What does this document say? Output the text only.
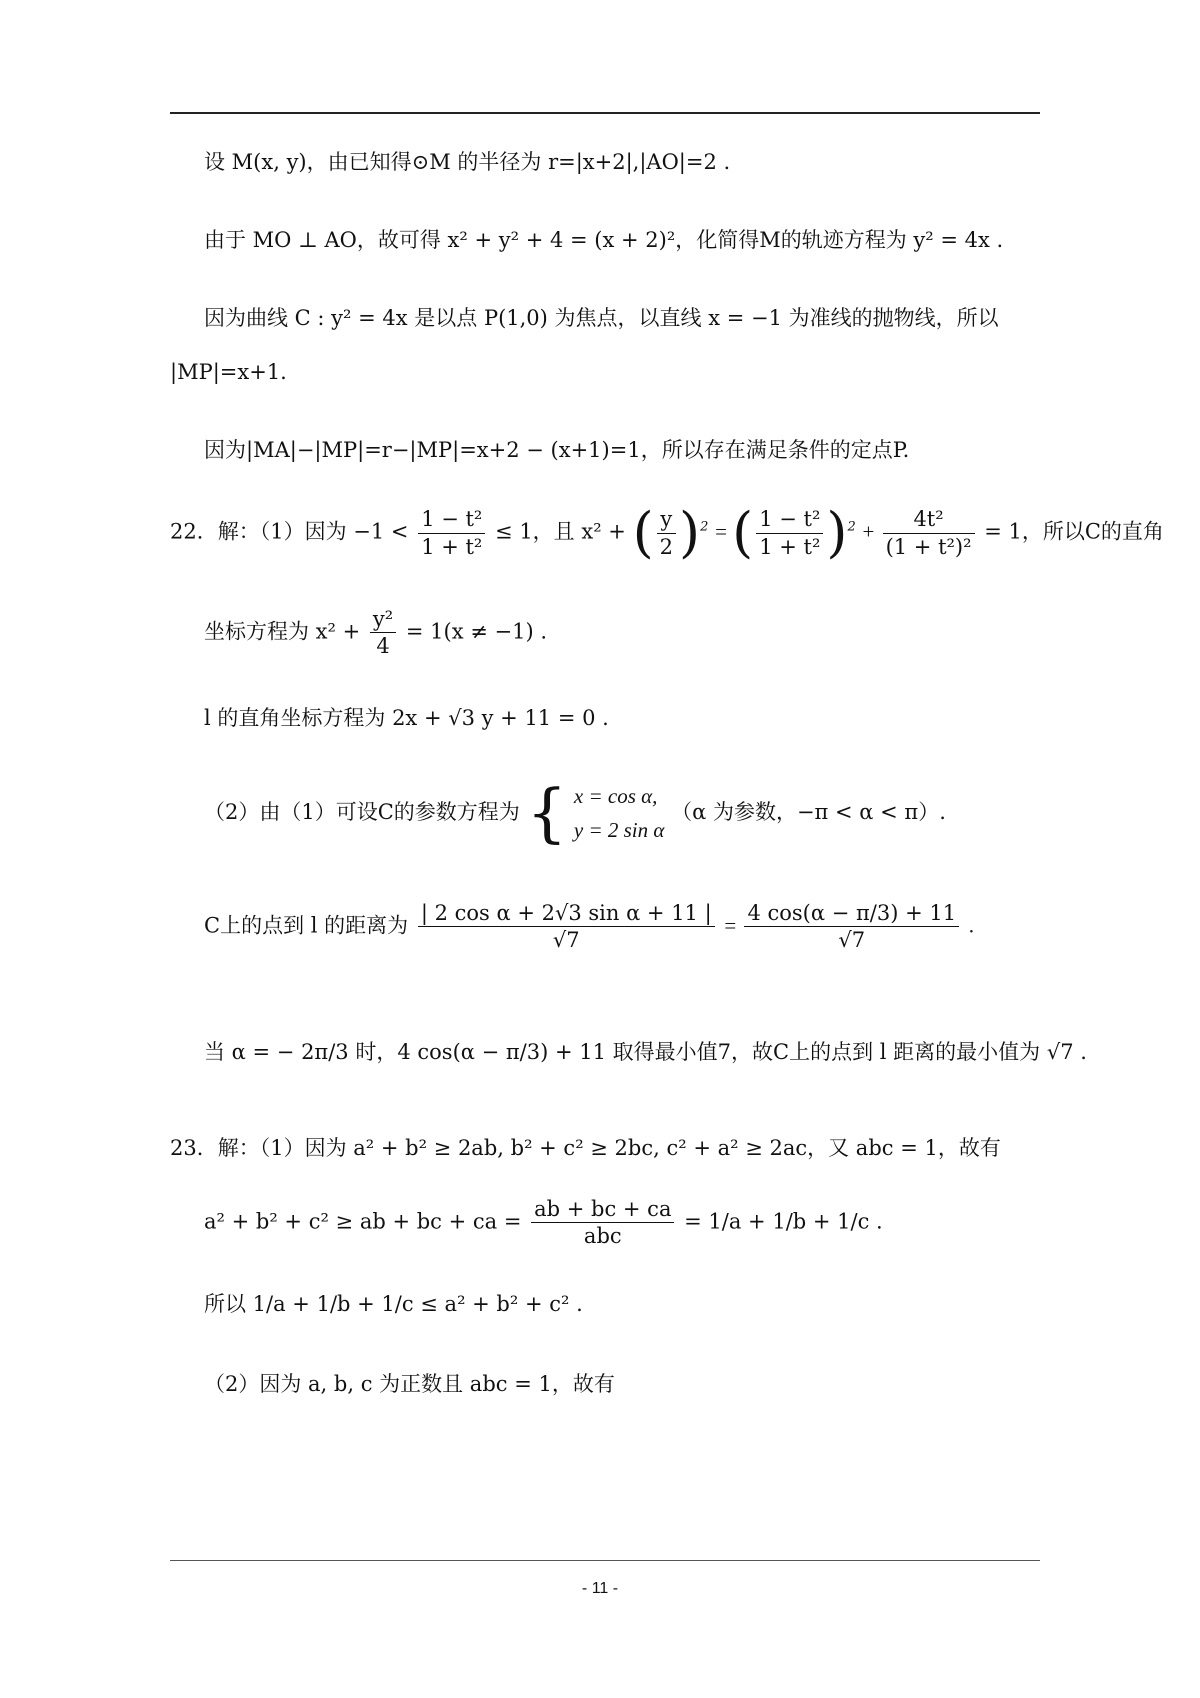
设 M(x, y)，由已知得⊙M 的半径为 r=|x+2|,|AO|=2 .
由于 MO ⊥ AO，故可得 x² + y² + 4 = (x + 2)²，化简得M的轨迹方程为 y² = 4x .
因为曲线 C : y² = 4x 是以点 P(1,0) 为焦点，以直线 x = −1 为准线的抛物线，所以
|MP|=x+1.
因为|MA|−|MP|=r−|MP|=x+2 − (x+1)=1，所以存在满足条件的定点P.
22．解：（1）因为 $-1 < \frac{\text{1 − t²}}{\text{1 + t²}} \le 1$，且 x² + ( $\frac{y}{2} )^2$ = ( $\frac{\text{1 − t²}}{\text{1 + t²}} )^2 + \frac{\text{4t²}}{\text{(1 + t²)²}} = 1$，所以C的直角
坐标方程为 $x^2 + \frac{\text{y²}}{4} = 1(x \ne -1)$ .
l 的直角坐标方程为 2x + √3 y + 11 = 0 .
（2）由（1）可设C的参数方程为 { x = cos α,
y = 2 sin α
（α 为参数，−π < α < π）.
C上的点到 l 的距离为 $\frac{\text{| 2 cos α + 2√3 sin α + 11 |}}{√7} = \frac{4 \cos(\alpha - \pi/3) + 11}{√7}$ .
当 α = − 2π/3 时，4 cos(α − π/3) + 11 取得最小值7，故C上的点到 l 距离的最小值为 √7 .
23．解：（1）因为 a² + b² ≥ 2ab, b² + c² ≥ 2bc, c² + a² ≥ 2ac，又 abc = 1，故有
a² + b² + c² ≥ ab + bc + ca = $\frac{ab + bc + ca}{\text{abc}} = 1/a + 1/b + 1/c$ .
所以 1/a + 1/b + 1/c ≤ a² + b² + c² .
（2）因为 a, b, c 为正数且 abc = 1，故有
- 11 -
